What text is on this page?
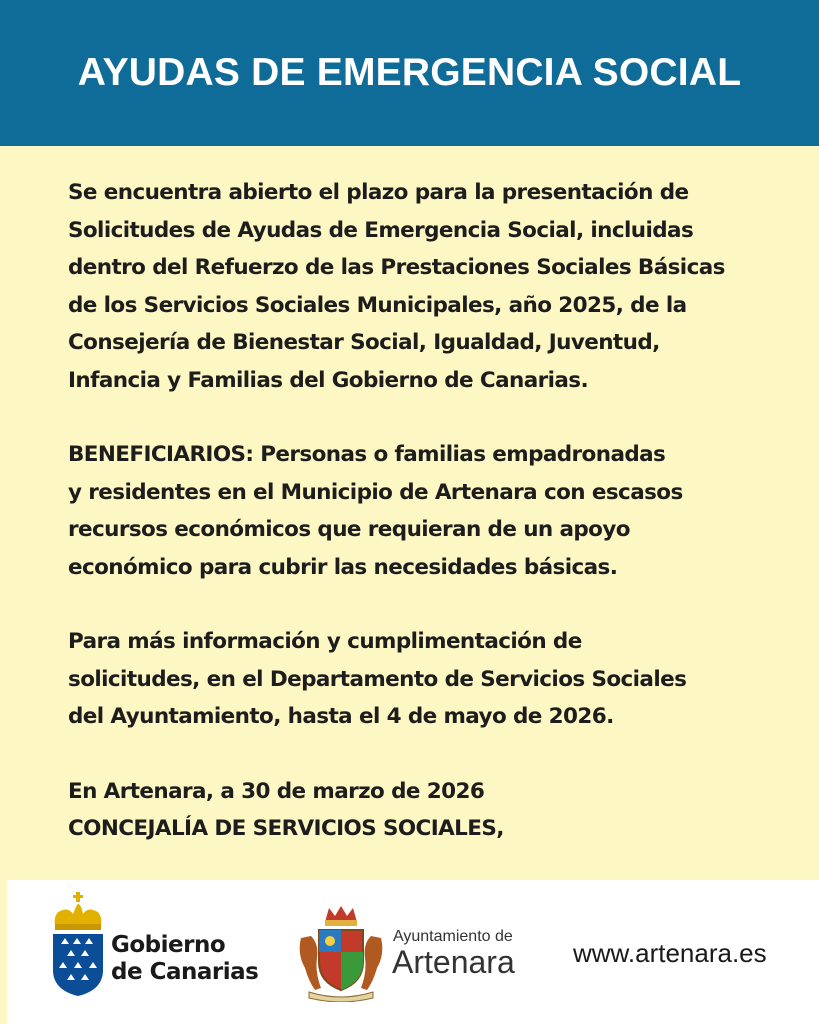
AYUDAS DE EMERGENCIA SOCIAL

Se encuentra abierto el plazo para la presentación de
Solicitudes de Ayudas de Emergencia Social, incluidas
dentro del Refuerzo de las Prestaciones Sociales Básicas
de los Servicios Sociales Municipales, año 2025, de la
Consejería de Bienestar Social, Igualdad, Juventud,
Infancia y Familias del Gobierno de Canarias.

BENEFICIARIOS: Personas o familias empadronadas
y residentes en el Municipio de Artenara con escasos
recursos económicos que requieran de un apoyo
económico para cubrir las necesidades básicas.

Para más información y cumplimentación de
solicitudes, en el Departamento de Servicios Sociales
del Ayuntamiento, hasta el 4 de mayo de 2026.

En Artenara, a 30 de marzo de 2026

CONCEJALÍA DE SERVICIOS SOCIALES,

Gobierno
de Canarias
Ayuntamiento de
Artenara www.artenara.es
